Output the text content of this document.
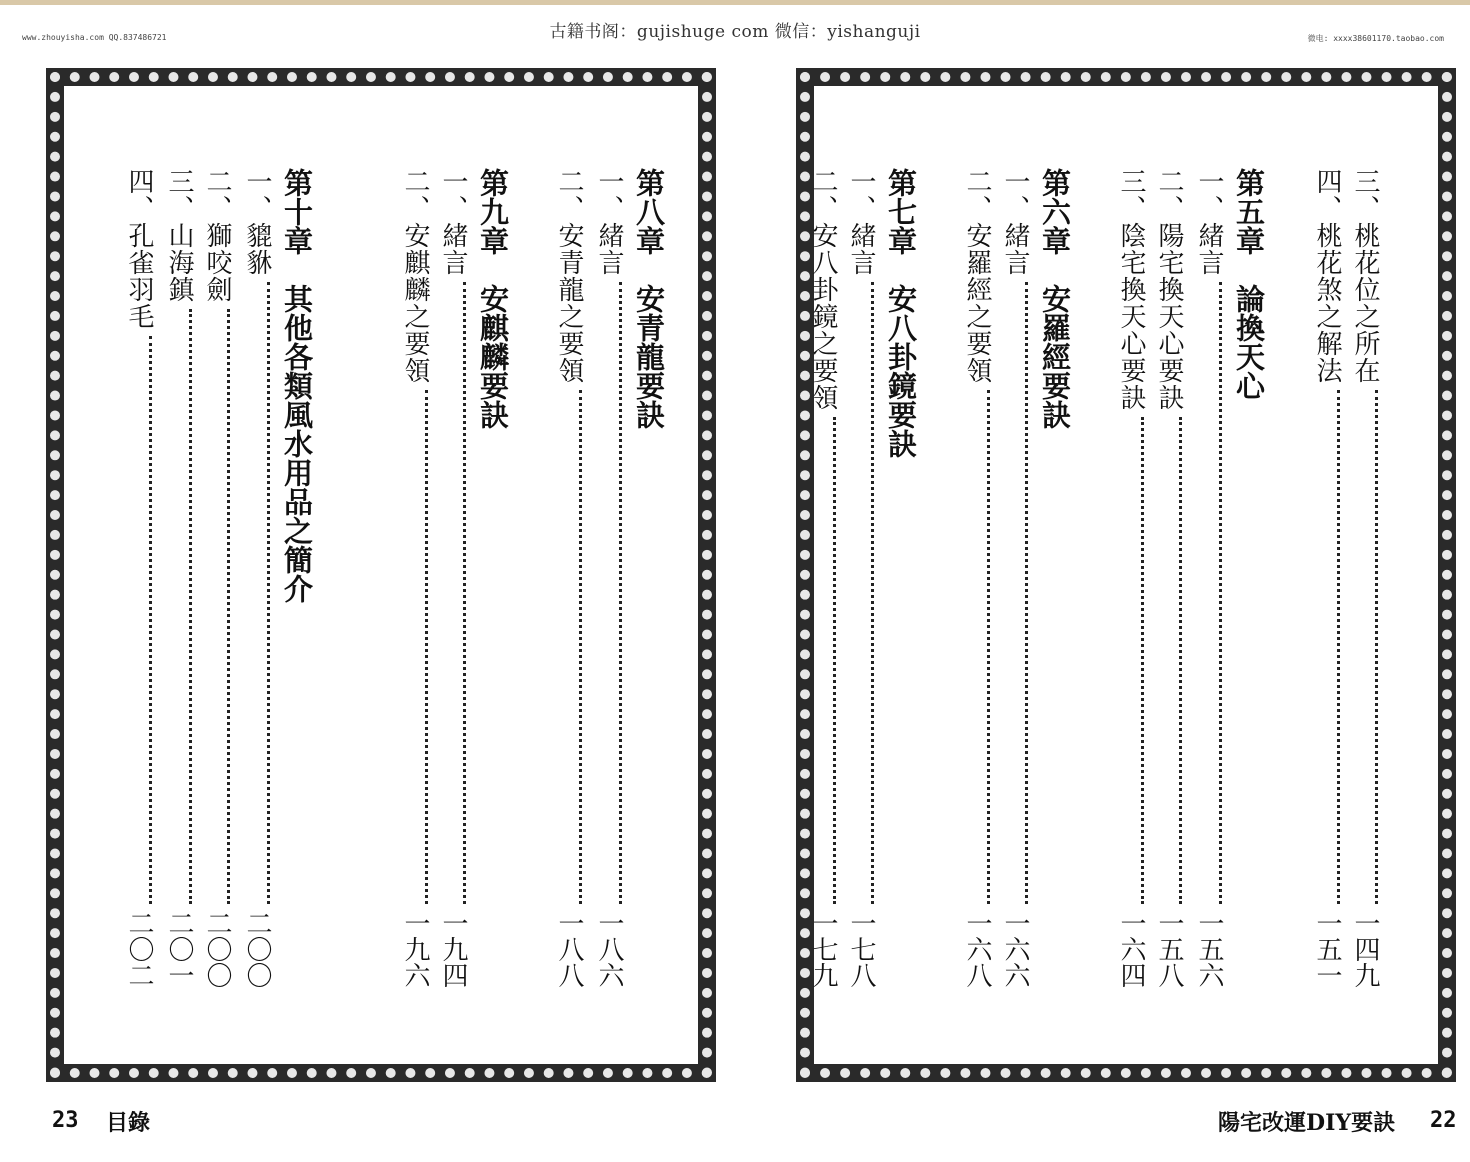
古籍书阁：gujishuge com 微信：yishanguji
www.zhouyisha.com QQ.837486721	微电: xxxx38601170.taobao.com
三、桃花位之所在
一四九
四、桃花煞之解法
一五一
第五章　論換天心
一、緒言
一五六
二、陽宅換天心要訣
一五八
三、陰宅換天心要訣
一六四
第六章　安羅經要訣
一、緒言
一六六
二、安羅經之要領
一六八
第七章　安八卦鏡要訣
一、緒言
一七八
二、安八卦鏡之要領
一七九
第八章　安青龍要訣
一、緒言
一八六
二、安青龍之要領
一八八
第九章　安麒麟要訣
一、緒言
一九四
二、安麒麟之要領
一九六
第十章　其他各類風水用品之簡介
一、貔貅
二〇〇
二、獅咬劍
二〇〇
三、山海鎮
二〇一
四、孔雀羽毛
二〇二
23 目錄	陽宅改運DIY要訣 22
